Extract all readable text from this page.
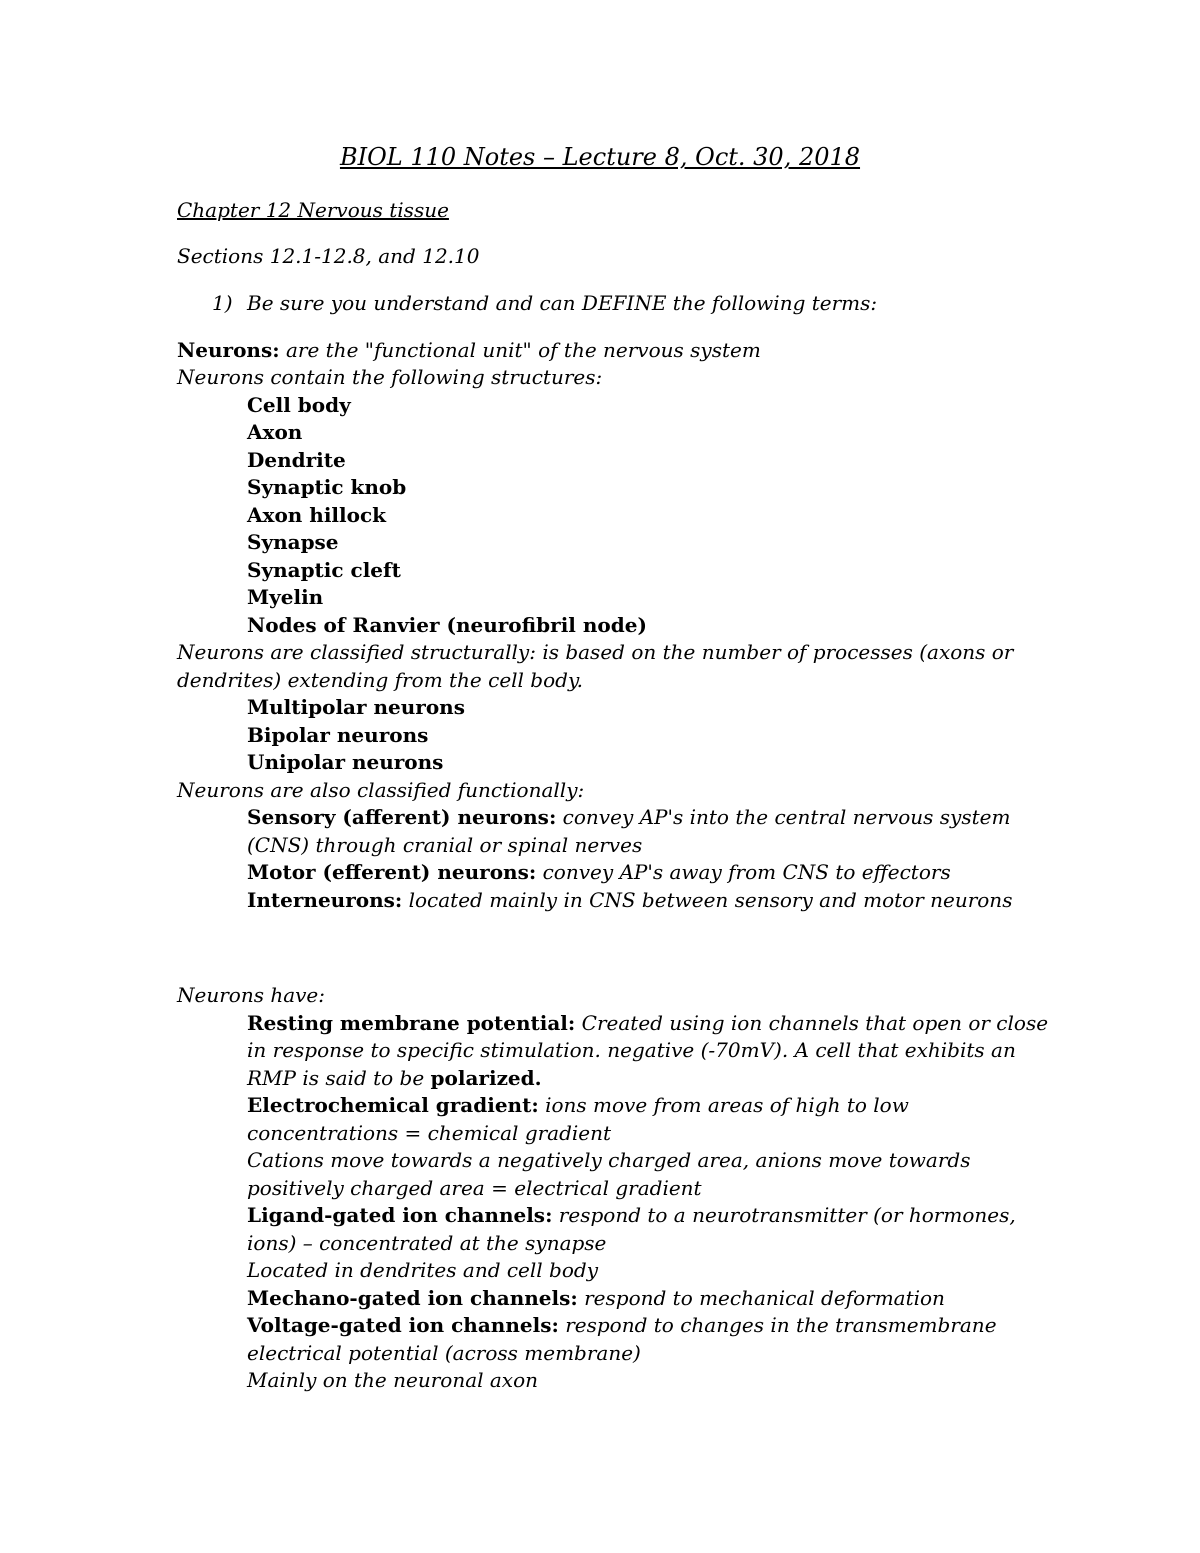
BIOL 110 Notes – Lecture 8, Oct. 30, 2018
Chapter 12 Nervous tissue
Sections 12.1-12.8, and 12.10
1) Be sure you understand and can DEFINE the following terms:
Neurons: are the "functional unit" of the nervous system
Neurons contain the following structures:
Cell body
Axon
Dendrite
Synaptic knob
Axon hillock
Synapse
Synaptic cleft
Myelin
Nodes of Ranvier (neurofibril node)
Neurons are classified structurally: is based on the number of processes (axons or
dendrites) extending from the cell body.
Multipolar neurons
Bipolar neurons
Unipolar neurons
Neurons are also classified functionally:
Sensory (afferent) neurons: convey AP's into the central nervous system
(CNS) through cranial or spinal nerves
Motor (efferent) neurons: convey AP's away from CNS to effectors
Interneurons: located mainly in CNS between sensory and motor neurons
Neurons have:
Resting membrane potential: Created using ion channels that open or close
in response to specific stimulation. negative (-70mV). A cell that exhibits an
RMP is said to be polarized.
Electrochemical gradient: ions move from areas of high to low
concentrations = chemical gradient
Cations move towards a negatively charged area, anions move towards
positively charged area = electrical gradient
Ligand-gated ion channels: respond to a neurotransmitter (or hormones,
ions) – concentrated at the synapse
Located in dendrites and cell body
Mechano-gated ion channels: respond to mechanical deformation
Voltage-gated ion channels: respond to changes in the transmembrane
electrical potential (across membrane)
Mainly on the neuronal axon
